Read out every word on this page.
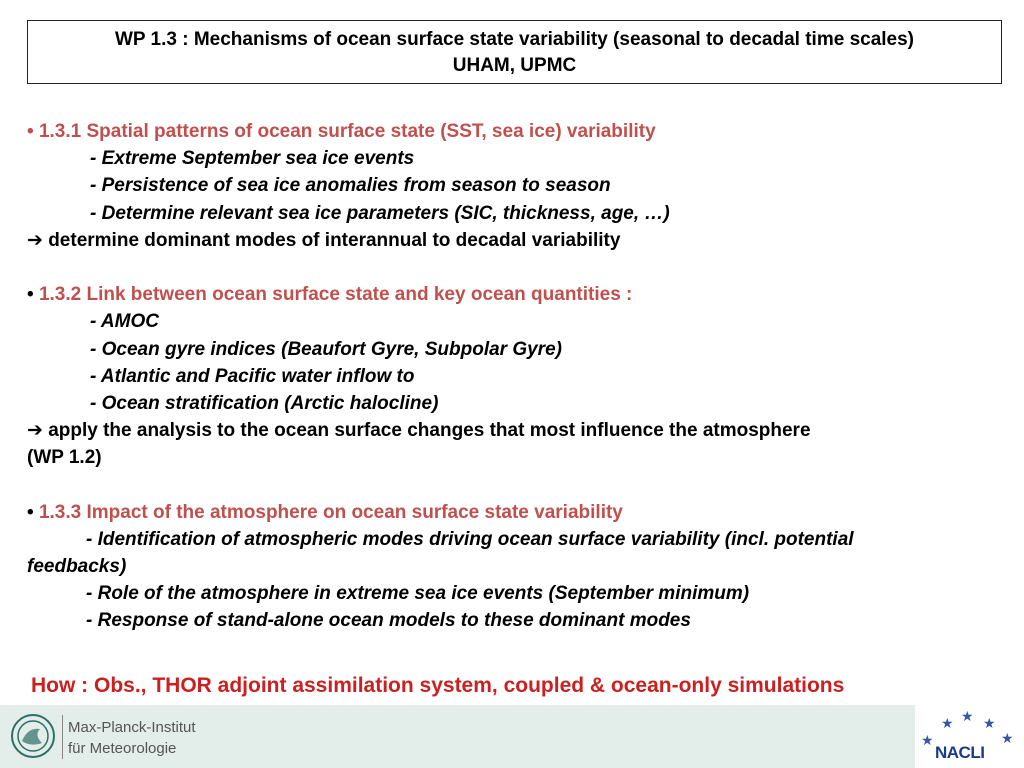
WP 1.3 : Mechanisms of ocean surface state variability (seasonal to decadal time scales)
UHAM, UPMC
• 1.3.1 Spatial patterns of ocean surface state (SST, sea ice) variability
- Extreme September sea ice events
- Persistence of sea ice anomalies from season to season
- Determine relevant sea ice parameters (SIC, thickness, age, …)
➔ determine dominant modes of interannual to decadal variability
• 1.3.2 Link between ocean surface state and key ocean quantities :
- AMOC
- Ocean gyre indices (Beaufort Gyre, Subpolar Gyre)
- Atlantic and Pacific water inflow to
- Ocean stratification (Arctic halocline)
➔ apply the analysis to the ocean surface changes that most influence the atmosphere
(WP 1.2)
• 1.3.3 Impact of the atmosphere on ocean surface state variability
- Identification of atmospheric modes driving ocean surface variability (incl. potential
feedbacks)
- Role of the atmosphere in extreme sea ice events (September minimum)
- Response of stand-alone ocean models to these dominant modes
How : Obs., THOR adjoint assimilation system, coupled & ocean-only simulations
Max-Planck-Institut
für Meteorologie
★ ★ ★
★	★
NACLI
